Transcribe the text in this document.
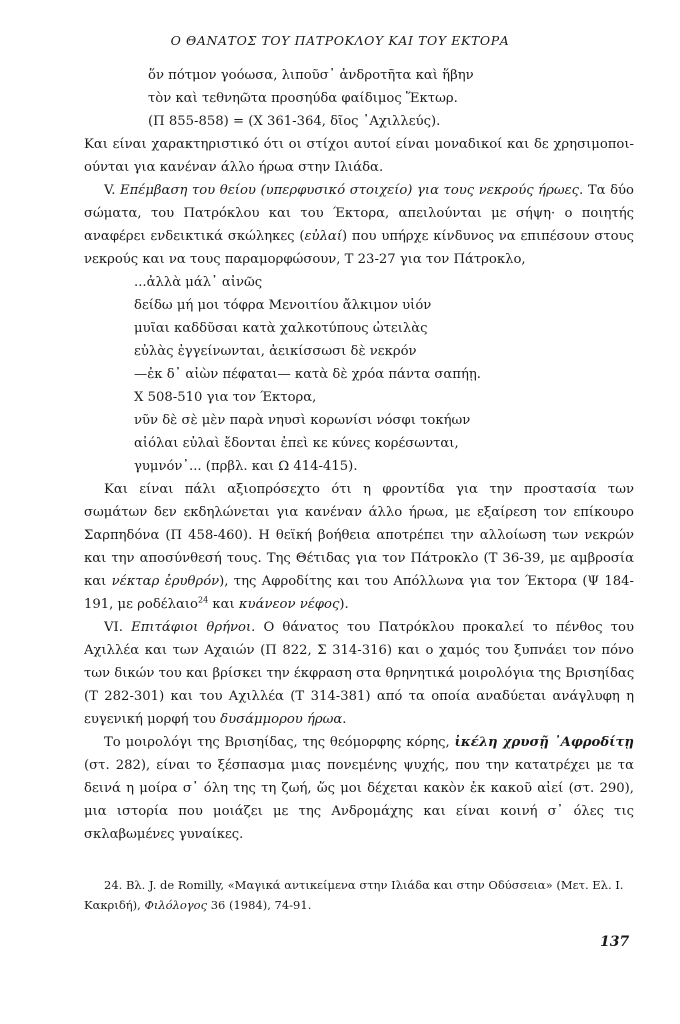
Ο ΘΑΝΑΤΟΣ ΤΟΥ ΠΑΤΡΟΚΛΟΥ ΚΑΙ ΤΟΥ ΕΚΤΟΡΑ
ὅν πότμον γοόωσα, λιποῦσ᾽ ἀνδροτῆτα καὶ ἥβην
τὸν καὶ τεθνηῶτα προσηύδα φαίδιμος Ἕκτωρ.
(Π 855-858) = (Χ 361-364, δῖος ᾽Αχιλλεύς).
Και είναι χαρακτηριστικό ότι οι στίχοι αυτοί είναι μοναδικοί και δε χρησιμοποι-
ούνται για κανέναν άλλο ήρωα στην Ιλιάδα.
V. Επέμβαση του θείου (υπερφυσικό στοιχείο) για τους νεκρούς ήρωες. Τα δύο
σώματα, του Πατρόκλου και του Έκτορα, απειλούνται με σήψη· ο ποιητής
αναφέρει ενδεικτικά σκώληκες (εὐλαί) που υπήρχε κίνδυνος να επιπέσουν στους
νεκρούς και να τους παραμορφώσουν, Τ 23-27 για τον Πάτροκλο,
...ἀλλὰ μάλ᾽ αἰνῶς
δείδω μή μοι τόφρα Μενοιτίου ἄλκιμον υἱόν
μυῖαι καδδῦσαι κατὰ χαλκοτύπους ὠτειλὰς
εὐλὰς ἐγγείνωνται, ἀεικίσσωσι δὲ νεκρόν
—ἐκ δ᾽ αἰὼν πέφαται— κατὰ δὲ χρόα πάντα σαπήῃ.
Χ 508-510 για τον Έκτορα,
νῦν δὲ σὲ μὲν παρὰ νηυσὶ κορωνίσι νόσφι τοκήων
αἰόλαι εὐλαὶ ἔδονται ἐπεὶ κε κύνες κορέσωνται,
γυμνόν᾽... (πρβλ. και Ω 414-415).
Και είναι πάλι αξιοπρόσεχτο ότι η φροντίδα για την προστασία των
σωμάτων δεν εκδηλώνεται για κανέναν άλλο ήρωα, με εξαίρεση τον επίκουρο
Σαρπηδόνα (Π 458-460). Η θεϊκή βοήθεια αποτρέπει την αλλοίωση των νεκρών
και την αποσύνθεσή τους. Της Θέτιδας για τον Πάτροκλο (Τ 36-39, με αμβροσία
και νέκταρ ἐρυθρόν), της Αφροδίτης και του Απόλλωνα για τον Έκτορα (Ψ 184-
191, με ροδέλαιο$^{24}$ και κυάνεον νέφος).
VI. Επιτάφιοι θρήνοι. Ο θάνατος του Πατρόκλου προκαλεί το πένθος του
Αχιλλέα και των Αχαιών (Π 822, Σ 314-316) και ο χαμός του ξυπνάει τον πόνο
των δικών του και βρίσκει την έκφραση στα θρηνητικά μοιρολόγια της Βρισηίδας
(Τ 282-301) και του Αχιλλέα (Τ 314-381) από τα οποία αναδύεται ανάγλυφη η
ευγενική μορφή του δυσάμμορου ήρωα.
Το μοιρολόγι της Βρισηίδας, της θεόμορφης κόρης, ἰκέλη χρυσῇ ᾽Αφροδίτῃ
(στ. 282), είναι το ξέσπασμα μιας πονεμένης ψυχής, που την κατατρέχει με τα
δεινά η μοίρα σ᾽ όλη της τη ζωή, ὥς μοι δέχεται κακὸν ἐκ κακοῦ αἰεί (στ. 290),
μια ιστορία που μοιάζει με της Ανδρομάχης και είναι κοινή σ᾽ όλες τις
σκλαβωμένες γυναίκες.
24. Βλ. J. de Romilly, «Μαγικά αντικείμενα στην Ιλιάδα και στην Οδύσσεια» (Μετ. Ελ. Ι.
Κακριδή), Φιλόλογος 36 (1984), 74-91.
137
